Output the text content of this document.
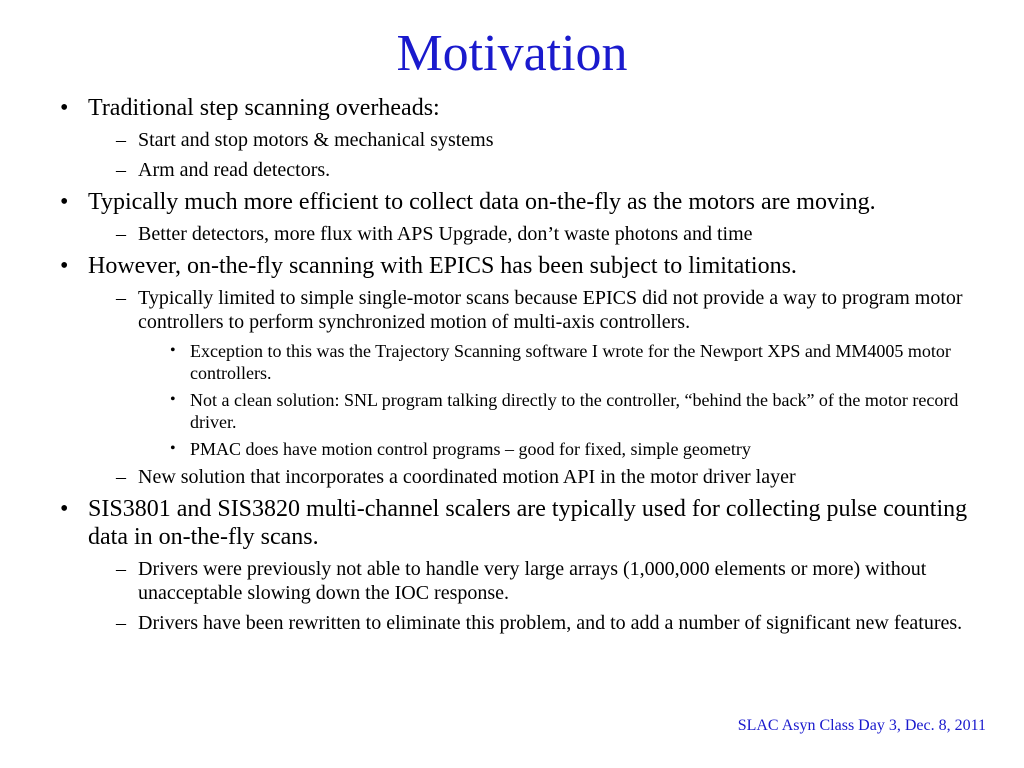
Motivation
• Traditional step scanning overheads:
– Start and stop motors & mechanical systems
– Arm and read detectors.
• Typically much more efficient to collect data on-the-fly as the motors are moving.
– Better detectors, more flux with APS Upgrade, don’t waste photons and time
• However, on-the-fly scanning with EPICS has been subject to limitations.
– Typically limited to simple single-motor scans because EPICS did not provide a way to program motor controllers to perform synchronized motion of multi-axis controllers.
• Exception to this was the Trajectory Scanning software I wrote for the Newport XPS and MM4005 motor controllers.
• Not a clean solution: SNL program talking directly to the controller, “behind the back” of the motor record driver.
• PMAC does have motion control programs – good for fixed, simple geometry
– New solution that incorporates a coordinated motion API in the motor driver layer
• SIS3801 and SIS3820 multi-channel scalers are typically used for collecting pulse counting data in on-the-fly scans.
– Drivers were previously not able to handle very large arrays (1,000,000 elements or more) without unacceptable slowing down the IOC response.
– Drivers have been rewritten to eliminate this problem, and to add a number of significant new features.
SLAC Asyn Class Day 3, Dec. 8, 2011
